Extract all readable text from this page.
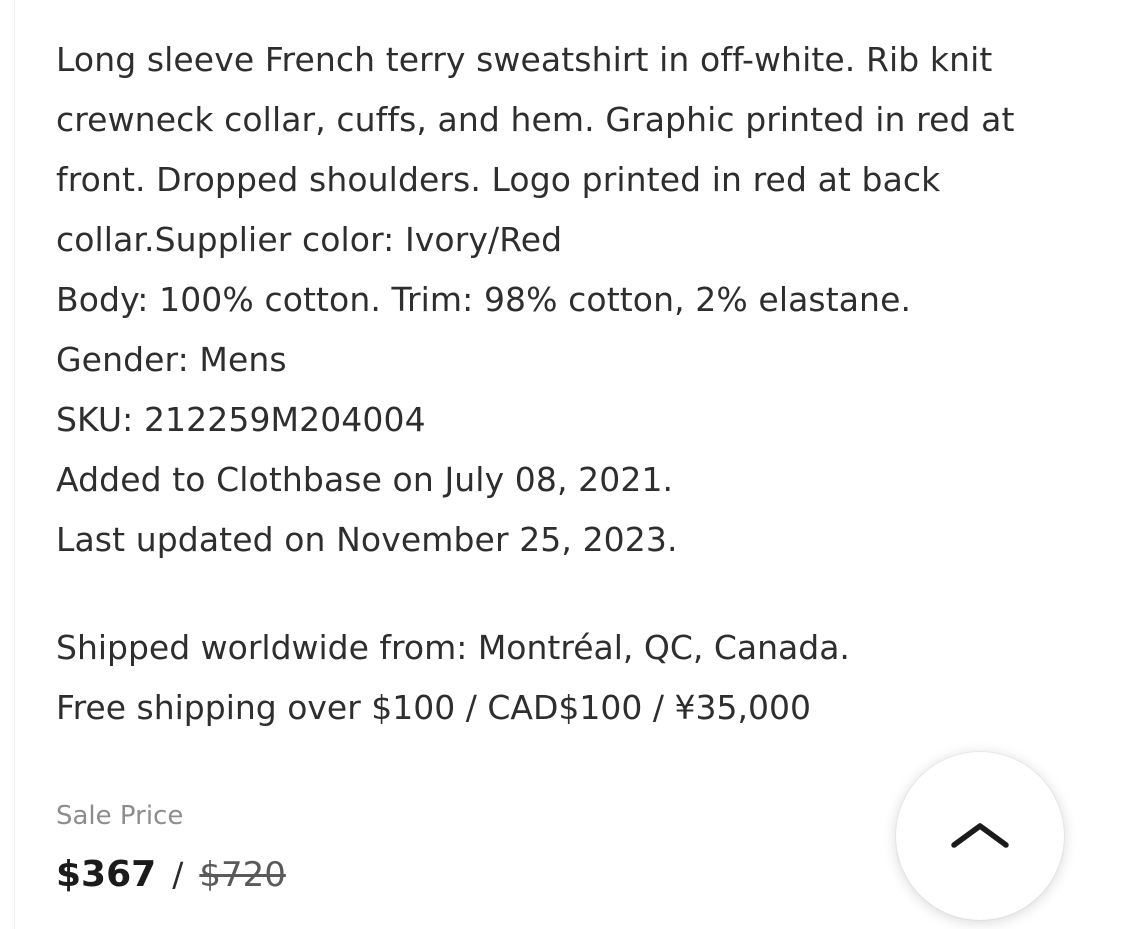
Long sleeve French terry sweatshirt in off-white. Rib knit crewneck collar, cuffs, and hem. Graphic printed in red at front. Dropped shoulders. Logo printed in red at back collar.Supplier color: Ivory/Red

Body: 100% cotton. Trim: 98% cotton, 2% elastane.

Gender: Mens

SKU: 212259M204004

Added to Clothbase on July 08, 2021.

Last updated on November 25, 2023.

Shipped worldwide from: Montréal, QC, Canada.

Free shipping over $100 / CAD$100 / ¥35,000

Sale Price
$367 / $720
